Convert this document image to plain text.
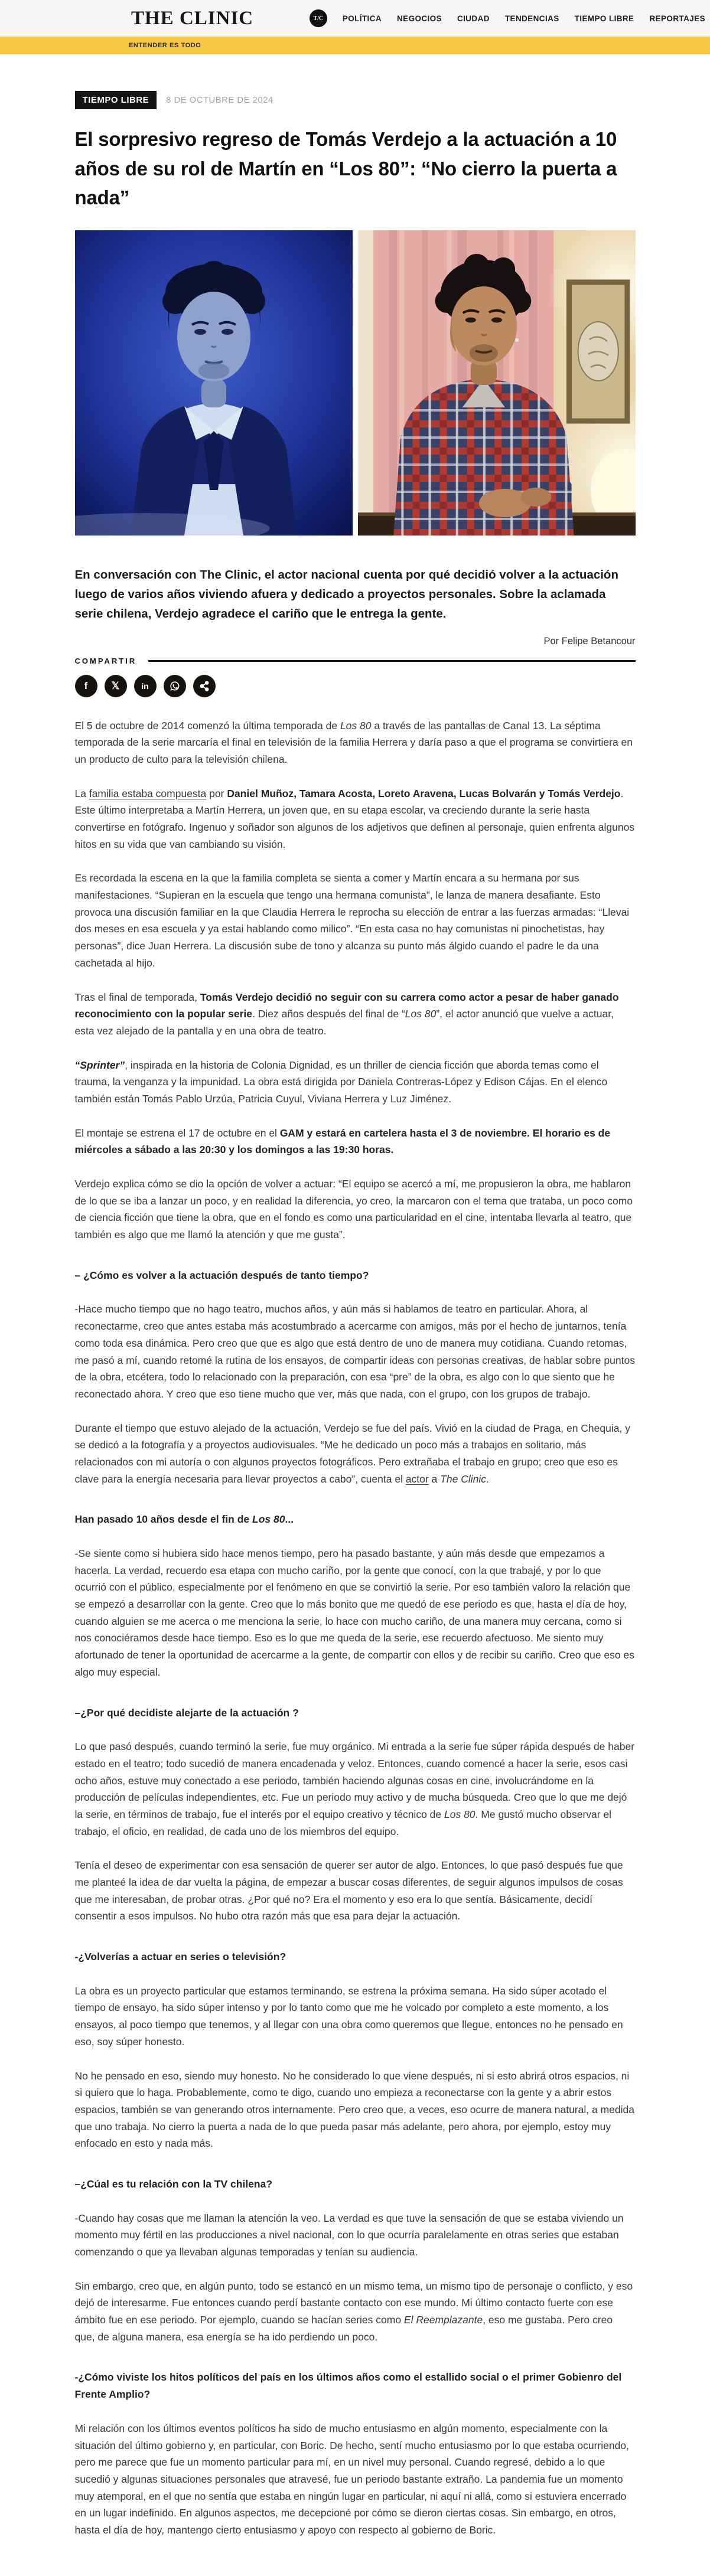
THE CLINIC	T/C	POLÍTICA NEGOCIOS CIUDAD TENDENCIAS TIEMPO LIBRE REPORTAJES
ENTENDER ES TODO
TIEMPO LIBRE	8 DE OCTUBRE DE 2024
El sorpresivo regreso de Tomás Verdejo a la actuación a 10 años de su rol de Martín en “Los 80”: “No cierro la puerta a nada”

En conversación con The Clinic, el actor nacional cuenta por qué decidió volver a la actuación luego de varios años viviendo afuera y dedicado a proyectos personales. Sobre la aclamada serie chilena, Verdejo agradece el cariño que le entrega la gente.

Por Felipe Betancour
COMPARTIR
f 𝕏	in

El 5 de octubre de 2014 comenzó la última temporada de Los 80 a través de las pantallas de Canal 13. La séptima temporada de la serie marcaría el final en televisión de la familia Herrera y daría paso a que el programa se convirtiera en un producto de culto para la televisión chilena.

La familia estaba compuesta por Daniel Muñoz, Tamara Acosta, Loreto Aravena, Lucas Bolvarán y Tomás Verdejo. Este último interpretaba a Martín Herrera, un joven que, en su etapa escolar, va creciendo durante la serie hasta convertirse en fotógrafo. Ingenuo y soñador son algunos de los adjetivos que definen al personaje, quien enfrenta algunos hitos en su vida que van cambiando su visión.

Es recordada la escena en la que la familia completa se sienta a comer y Martín encara a su hermana por sus manifestaciones. “Supieran en la escuela que tengo una hermana comunista”, le lanza de manera desafiante. Esto provoca una discusión familiar en la que Claudia Herrera le reprocha su elección de entrar a las fuerzas armadas: “Llevai dos meses en esa escuela y ya estai hablando como milico”. “En esta casa no hay comunistas ni pinochetistas, hay personas”, dice Juan Herrera. La discusión sube de tono y alcanza su punto más álgido cuando el padre le da una cachetada al hijo.

Tras el final de temporada, Tomás Verdejo decidió no seguir con su carrera como actor a pesar de haber ganado reconocimiento con la popular serie. Diez años después del final de “Los 80”, el actor anunció que vuelve a actuar, esta vez alejado de la pantalla y en una obra de teatro.

“Sprinter”, inspirada en la historia de Colonia Dignidad, es un thriller de ciencia ficción que aborda temas como el trauma, la venganza y la impunidad. La obra está dirigida por Daniela Contreras-López y Edison Cájas. En el elenco también están Tomás Pablo Urzúa, Patricia Cuyul, Viviana Herrera y Luz Jiménez.

El montaje se estrena el 17 de octubre en el GAM y estará en cartelera hasta el 3 de noviembre. El horario es de miércoles a sábado a las 20:30 y los domingos a las 19:30 horas.

Verdejo explica cómo se dio la opción de volver a actuar: “El equipo se acercó a mí, me propusieron la obra, me hablaron de lo que se iba a lanzar un poco, y en realidad la diferencia, yo creo, la marcaron con el tema que trataba, un poco como de ciencia ficción que tiene la obra, que en el fondo es como una particularidad en el cine, intentaba llevarla al teatro, que también es algo que me llamó la atención y que me gusta”.

– ¿Cómo es volver a la actuación después de tanto tiempo?

-Hace mucho tiempo que no hago teatro, muchos años, y aún más si hablamos de teatro en particular. Ahora, al reconectarme, creo que antes estaba más acostumbrado a acercarme con amigos, más por el hecho de juntarnos, tenía como toda esa dinámica. Pero creo que que es algo que está dentro de uno de manera muy cotidiana. Cuando retomas, me pasó a mí, cuando retomé la rutina de los ensayos, de compartir ideas con personas creativas, de hablar sobre puntos de la obra, etcétera, todo lo relacionado con la preparación, con esa “pre” de la obra, es algo con lo que siento que he reconectado ahora. Y creo que eso tiene mucho que ver, más que nada, con el grupo, con los grupos de trabajo.

Durante el tiempo que estuvo alejado de la actuación, Verdejo se fue del país. Vivió en la ciudad de Praga, en Chequia, y se dedicó a la fotografía y a proyectos audiovisuales. “Me he dedicado un poco más a trabajos en solitario, más relacionados con mi autoría o con algunos proyectos fotográficos. Pero extrañaba el trabajo en grupo; creo que eso es clave para la energía necesaria para llevar proyectos a cabo”, cuenta el actor a The Clinic.

Han pasado 10 años desde el fin de Los 80...

-Se siente como si hubiera sido hace menos tiempo, pero ha pasado bastante, y aún más desde que empezamos a hacerla. La verdad, recuerdo esa etapa con mucho cariño, por la gente que conocí, con la que trabajé, y por lo que ocurrió con el público, especialmente por el fenómeno en que se convirtió la serie. Por eso también valoro la relación que se empezó a desarrollar con la gente. Creo que lo más bonito que me quedó de ese periodo es que, hasta el día de hoy, cuando alguien se me acerca o me menciona la serie, lo hace con mucho cariño, de una manera muy cercana, como si nos conociéramos desde hace tiempo. Eso es lo que me queda de la serie, ese recuerdo afectuoso. Me siento muy afortunado de tener la oportunidad de acercarme a la gente, de compartir con ellos y de recibir su cariño. Creo que eso es algo muy especial.

–¿Por qué decidiste alejarte de la actuación ?

Lo que pasó después, cuando terminó la serie, fue muy orgánico. Mi entrada a la serie fue súper rápida después de haber estado en el teatro; todo sucedió de manera encadenada y veloz. Entonces, cuando comencé a hacer la serie, esos casi ocho años, estuve muy conectado a ese periodo, también haciendo algunas cosas en cine, involucrándome en la producción de películas independientes, etc. Fue un periodo muy activo y de mucha búsqueda. Creo que lo que me dejó la serie, en términos de trabajo, fue el interés por el equipo creativo y técnico de Los 80. Me gustó mucho observar el trabajo, el oficio, en realidad, de cada uno de los miembros del equipo.

Tenía el deseo de experimentar con esa sensación de querer ser autor de algo. Entonces, lo que pasó después fue que me planteé la idea de dar vuelta la página, de empezar a buscar cosas diferentes, de seguir algunos impulsos de cosas que me interesaban, de probar otras. ¿Por qué no? Era el momento y eso era lo que sentía. Básicamente, decidí consentir a esos impulsos. No hubo otra razón más que esa para dejar la actuación.

-¿Volverías a actuar en series o televisión?

La obra es un proyecto particular que estamos terminando, se estrena la próxima semana. Ha sido súper acotado el tiempo de ensayo, ha sido súper intenso y por lo tanto como que me he volcado por completo a este momento, a los ensayos, al poco tiempo que tenemos, y al llegar con una obra como queremos que llegue, entonces no he pensado en eso, soy súper honesto.

No he pensado en eso, siendo muy honesto. No he considerado lo que viene después, ni si esto abrirá otros espacios, ni si quiero que lo haga. Probablemente, como te digo, cuando uno empieza a reconectarse con la gente y a abrir estos espacios, también se van generando otros internamente. Pero creo que, a veces, eso ocurre de manera natural, a medida que uno trabaja. No cierro la puerta a nada de lo que pueda pasar más adelante, pero ahora, por ejemplo, estoy muy enfocado en esto y nada más.

–¿Cúal es tu relación con la TV chilena?

-Cuando hay cosas que me llaman la atención la veo. La verdad es que tuve la sensación de que se estaba viviendo un momento muy fértil en las producciones a nivel nacional, con lo que ocurría paralelamente en otras series que estaban comenzando o que ya llevaban algunas temporadas y tenían su audiencia.

Sin embargo, creo que, en algún punto, todo se estancó en un mismo tema, un mismo tipo de personaje o conflicto, y eso dejó de interesarme. Fue entonces cuando perdí bastante contacto con ese mundo. Mi último contacto fuerte con ese ámbito fue en ese periodo. Por ejemplo, cuando se hacían series como El Reemplazante, eso me gustaba. Pero creo que, de alguna manera, esa energía se ha ido perdiendo un poco.

-¿Cómo viviste los hitos políticos del país en los últimos años como el estallido social o el primer Gobienro del Frente Amplio?

Mi relación con los últimos eventos políticos ha sido de mucho entusiasmo en algún momento, especialmente con la situación del último gobierno y, en particular, con Boric. De hecho, sentí mucho entusiasmo por lo que estaba ocurriendo, pero me parece que fue un momento particular para mí, en un nivel muy personal. Cuando regresé, debido a lo que sucedió y algunas situaciones personales que atravesé, fue un periodo bastante extraño. La pandemia fue un momento muy atemporal, en el que no sentía que estaba en ningún lugar en particular, ni aquí ni allá, como si estuviera encerrado en un lugar indefinido. En algunos aspectos, me decepcioné por cómo se dieron ciertas cosas. Sin embargo, en otros, hasta el día de hoy, mantengo cierto entusiasmo y apoyo con respecto al gobierno de Boric.
